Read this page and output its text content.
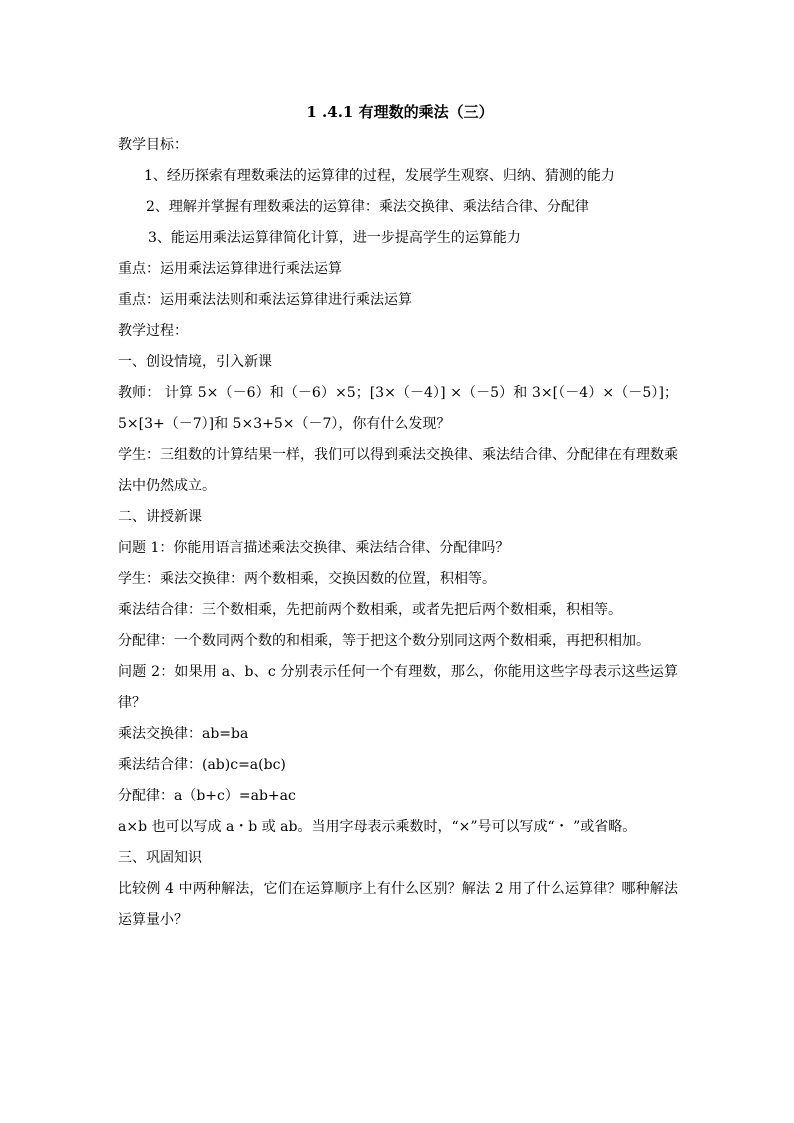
1 .4.1 有理数的乘法（三）

教学目标：

1、经历探索有理数乘法的运算律的过程，发展学生观察、归纳、猜测的能力

2、理解并掌握有理数乘法的运算律：乘法交换律、乘法结合律、分配律

3、能运用乘法运算律简化计算，进一步提高学生的运算能力

重点：运用乘法运算律进行乘法运算

重点：运用乘法法则和乘法运算律进行乘法运算

教学过程：

一、创设情境，引入新课

教师： 计算 5×（－6）和（－6）×5；[3×（－4）] ×（－5）和 3×[（－4）×（－5）]；5×[3+（－7）]和 5×3+5×（－7），你有什么发现？

学生：三组数的计算结果一样，我们可以得到乘法交换律、乘法结合律、分配律在有理数乘法中仍然成立。

二、讲授新课

问题 1：你能用语言描述乘法交换律、乘法结合律、分配律吗？

学生：乘法交换律：两个数相乘，交换因数的位置，积相等。

乘法结合律：三个数相乘，先把前两个数相乘，或者先把后两个数相乘，积相等。

分配律：一个数同两个数的和相乘，等于把这个数分别同这两个数相乘，再把积相加。

问题 2：如果用 a、b、c 分别表示任何一个有理数，那么，你能用这些字母表示这些运算律？

乘法交换律：ab=ba

乘法结合律：(ab)c=a(bc)

分配律：a（b+c）=ab+ac

a×b 也可以写成 a・b 或 ab。当用字母表示乘数时，“×”号可以写成“・ ”或省略。

三、巩固知识

比较例 4 中两种解法，它们在运算顺序上有什么区别？解法 2 用了什么运算律？哪种解法运算量小？
